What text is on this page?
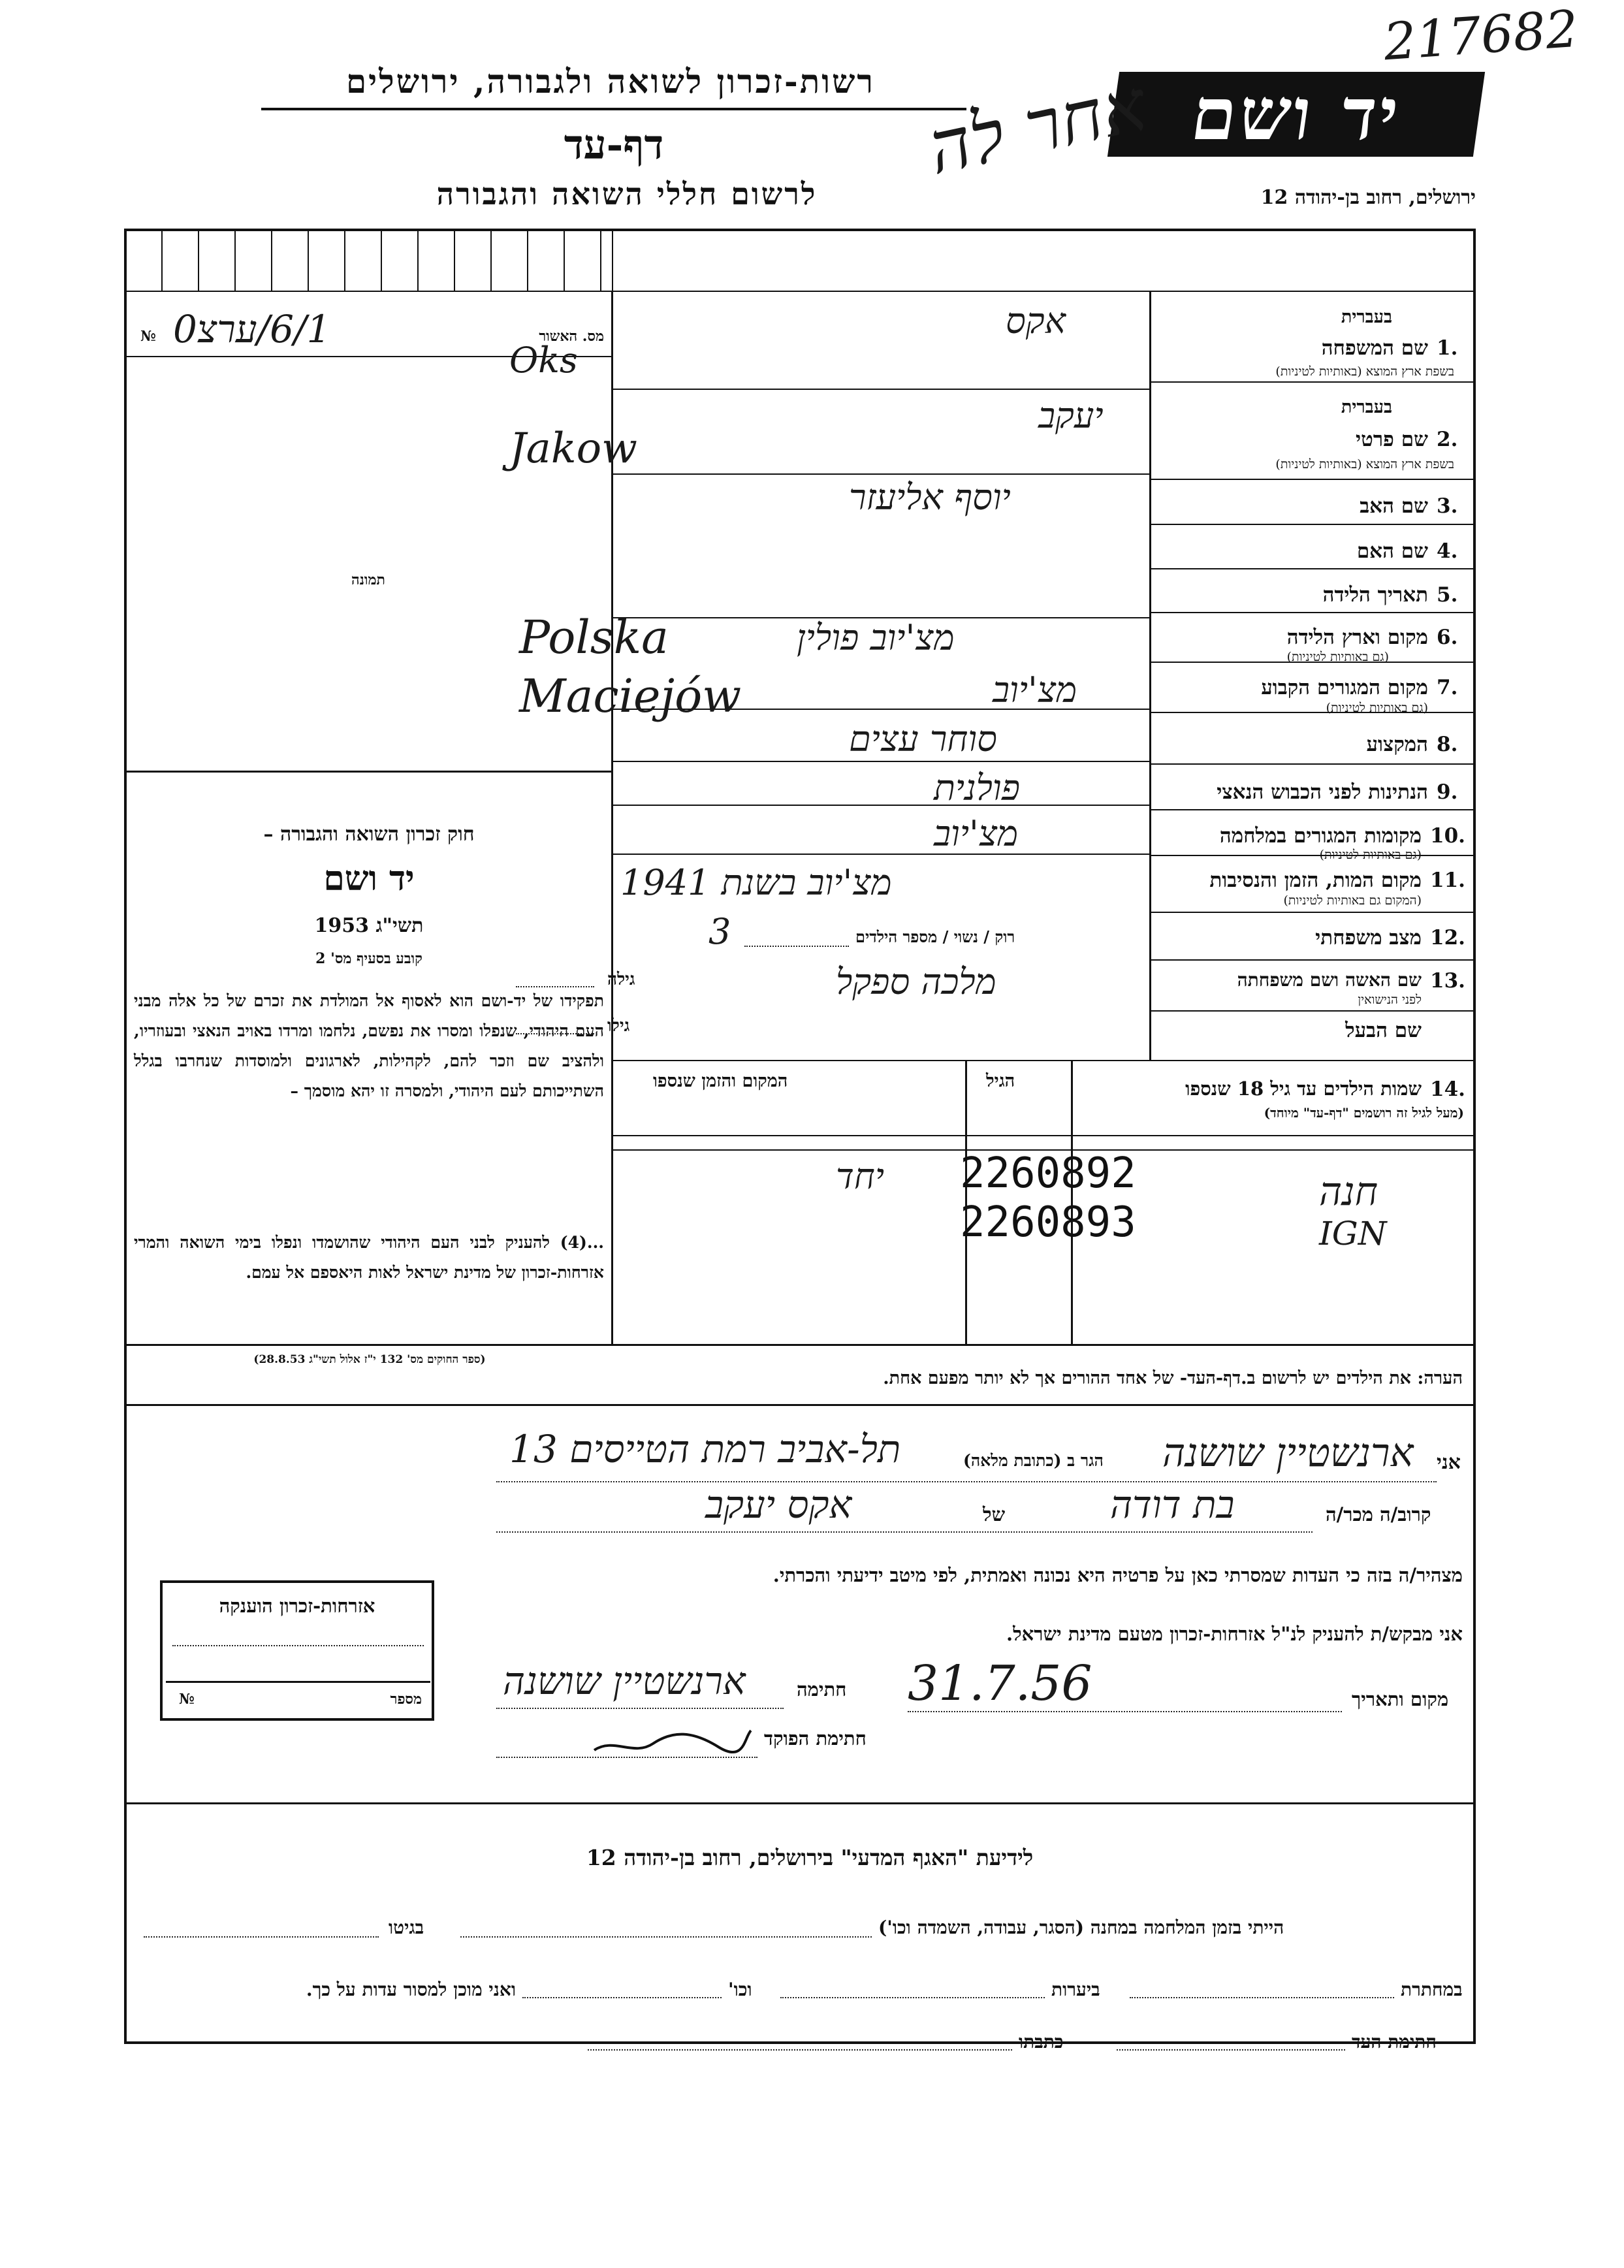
217682
רשות-זכרון לשואה ולגבורה, ירושלים
דף-עד
לרשום חללי השואה והגבורה
יד ושם
ירושלים, רחוב בן-יהודה 12
אחר לה
מס. האשור
№ 6/1/ערצ0
תמונה
חוק זכרון השואה והגבורה –
יד ושם
תשי"ג 1953
קובע בסעיף מס' 2
תפקידו של יד-ושם הוא לאסוף אל המולדת את זכרם של כל אלה מבני העם היהודי, שנפלו ומסרו את נפשם, נלחמו ומרדו באויב הנאצי ובעוזריו, ולהציב שם וזכר להם, לקהילות, לארגונים ולמוסדות שנחרבו בגלל השתייכותם לעם היהודי, ולמסרה זו יהא מוסמך –
...(4) להעניק לבני העם היהודי שהושמדו ונפלו בימי השואה והמרי אזרחות-זכרון של מדינת ישראל לאות היאספם אל עמם.
(ספר החוקים מס' 132 י"ז אלול תשי"ג 28.8.53)
בעברית
1.
שם המשפחה
בשפת ארץ המוצא (באותיות לטיניות)
אקס
Oks
בעברית
2.
שם פרטי
בשפת ארץ המוצא (באותיות לטיניות)
יעקב
Jakow
3.
שם האב
יוסף אליעזר
4.
שם האם
5.
תאריך הלידה
6.
מקום וארץ הלידה
(גם באותיות לטיניות)
מצ'יוב פולין
Polska
7.
מקום המגורים הקבוע
(גם באותיות לטיניות)
מצ'יוב
Maciejów
8.
המקצוע
סוחר עצים
9.
הנתינות לפני הכבוש הנאצי
פולנית
10.
מקומות המגורים במלחמה
(גם באותיות לטיניות)
מצ'יוב
11.
מקום המות, הזמן והנסיבות
(המקום גם באותיות לטיניות)
מצ'יוב בשנת 1941
12.
מצב משפחתי
רוק / נשוי / מספר הילדים
3
13.
שם האשה ושם משפחתה
לפני הנישואין
מלכה ספקל
גילה
שם הבעל
גילו
14.
שמות הילדים עד גיל 18 שנספו
(מעל לגיל זה רושמים "דף-עד" מיוחד)
הגיל
המקום והזמן שנספו
חנה
יחד 2260892
IGN
2260893
הערה: את הילדים יש לרשום ב.דף-העד- של אחד ההורים אך לא יותר מפעם אחת.
אני
ארנשטיין שושנה
הגר ב (כתובת מלאה)
תל-אביב רמת הטייסים 13
קרוב/ה מכר/ה
בת דודה
של
אקס יעקב
מצהיר/ה בזה כי העדות שמסרתי כאן על פרטיה היא נכונה ואמתית, לפי מיטב ידיעתי והכרתי.
אני מבקש/ת להעניק לנ"ל אזרחות-זכרון מטעם מדינת ישראל.
מקום ותאריך
31.7.56
חתימה
ארנשטיין שושנה
חתימת הפוקד
אזרחות-זכרון הוענקה
מספר
№
לידיעת "האגף המדעי" בירושלים, רחוב בן-יהודה 12
הייתי בזמן המלחמה במחנה (הסגר, עבודה, השמדה וכו')
בגיטו
במחתרת
ביערות
וכו'
ואני מוכן למסור עדות על כך.
חתימת העד
כתבתו
